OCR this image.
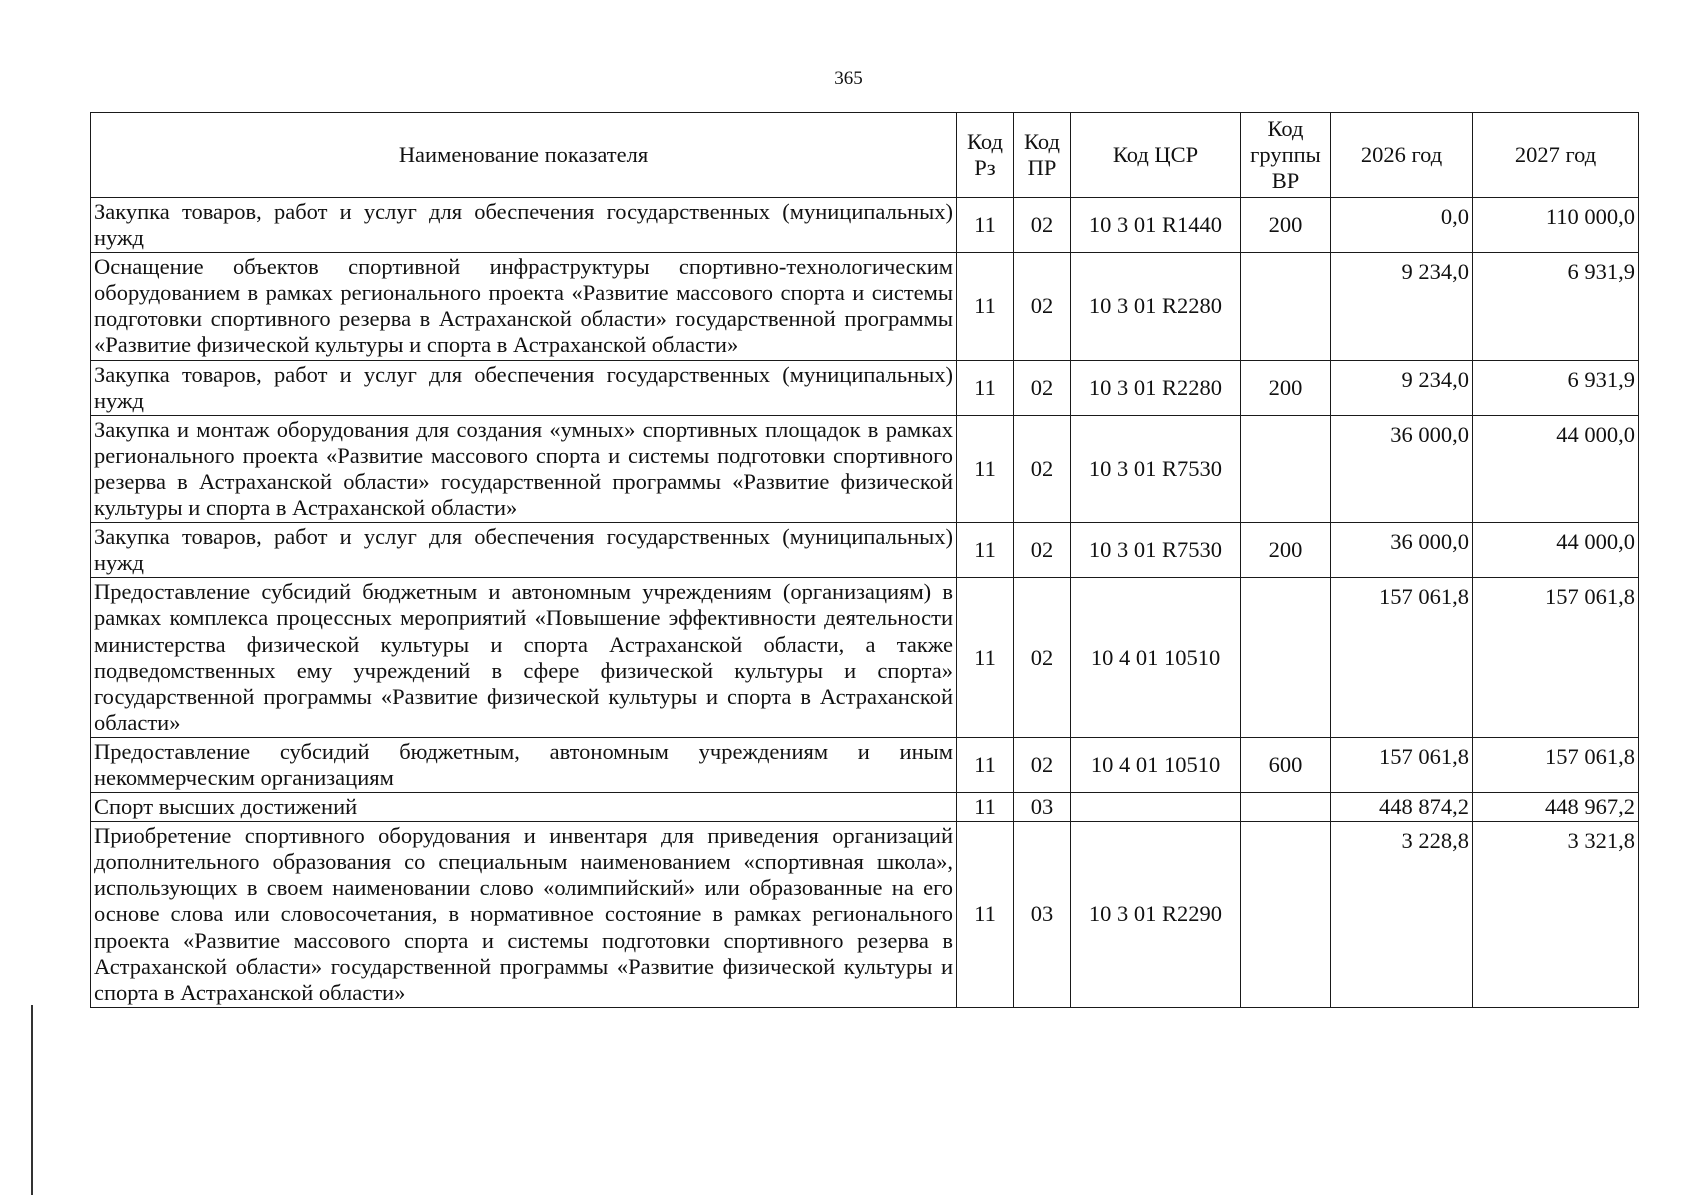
365
Наименование показателя	Код Рз	Код ПР	Код ЦСР	Код группы ВР	2026 год	2027 год
Закупка товаров, работ и услуг для обеспечения государственных (муниципальных) нужд	11	02	10 3 01 R1440	200	0,0	110 000,0
Оснащение объектов спортивной инфраструктуры спортивно-технологическим оборудованием в рамках регионального проекта «Развитие массового спорта и системы подготовки спортивного резерва в Астраханской области» государственной программы «Развитие физической культуры и спорта в Астраханской области»	11	02	10 3 01 R2280		9 234,0	6 931,9
Закупка товаров, работ и услуг для обеспечения государственных (муниципальных) нужд	11	02	10 3 01 R2280	200	9 234,0	6 931,9
Закупка и монтаж оборудования для создания «умных» спортивных площадок в рамках регионального проекта «Развитие массового спорта и системы подготовки спортивного резерва в Астраханской области» государственной программы «Развитие физической культуры и спорта в Астраханской области»	11	02	10 3 01 R7530		36 000,0	44 000,0
Закупка товаров, работ и услуг для обеспечения государственных (муниципальных) нужд	11	02	10 3 01 R7530	200	36 000,0	44 000,0
Предоставление субсидий бюджетным и автономным учреждениям (организациям) в рамках комплекса процессных мероприятий «Повышение эффективности деятельности министерства физической культуры и спорта Астраханской области, а также подведомственных ему учреждений в сфере физической культуры и спорта» государственной программы «Развитие физической культуры и спорта в Астраханской области»	11	02	10 4 01 10510		157 061,8	157 061,8
Предоставление субсидий бюджетным, автономным учреждениям и иным некоммерческим организациям	11	02	10 4 01 10510	600	157 061,8	157 061,8
Спорт высших достижений	11	03			448 874,2	448 967,2
Приобретение спортивного оборудования и инвентаря для приведения организаций дополнительного образования со специальным наименованием «спортивная школа», использующих в своем наименовании слово «олимпийский» или образованные на его основе слова или словосочетания, в нормативное состояние в рамках регионального проекта «Развитие массового спорта и системы подготовки спортивного резерва в Астраханской области» государственной программы «Развитие физической культуры и спорта в Астраханской области»	11	03	10 3 01 R2290		3 228,8	3 321,8
